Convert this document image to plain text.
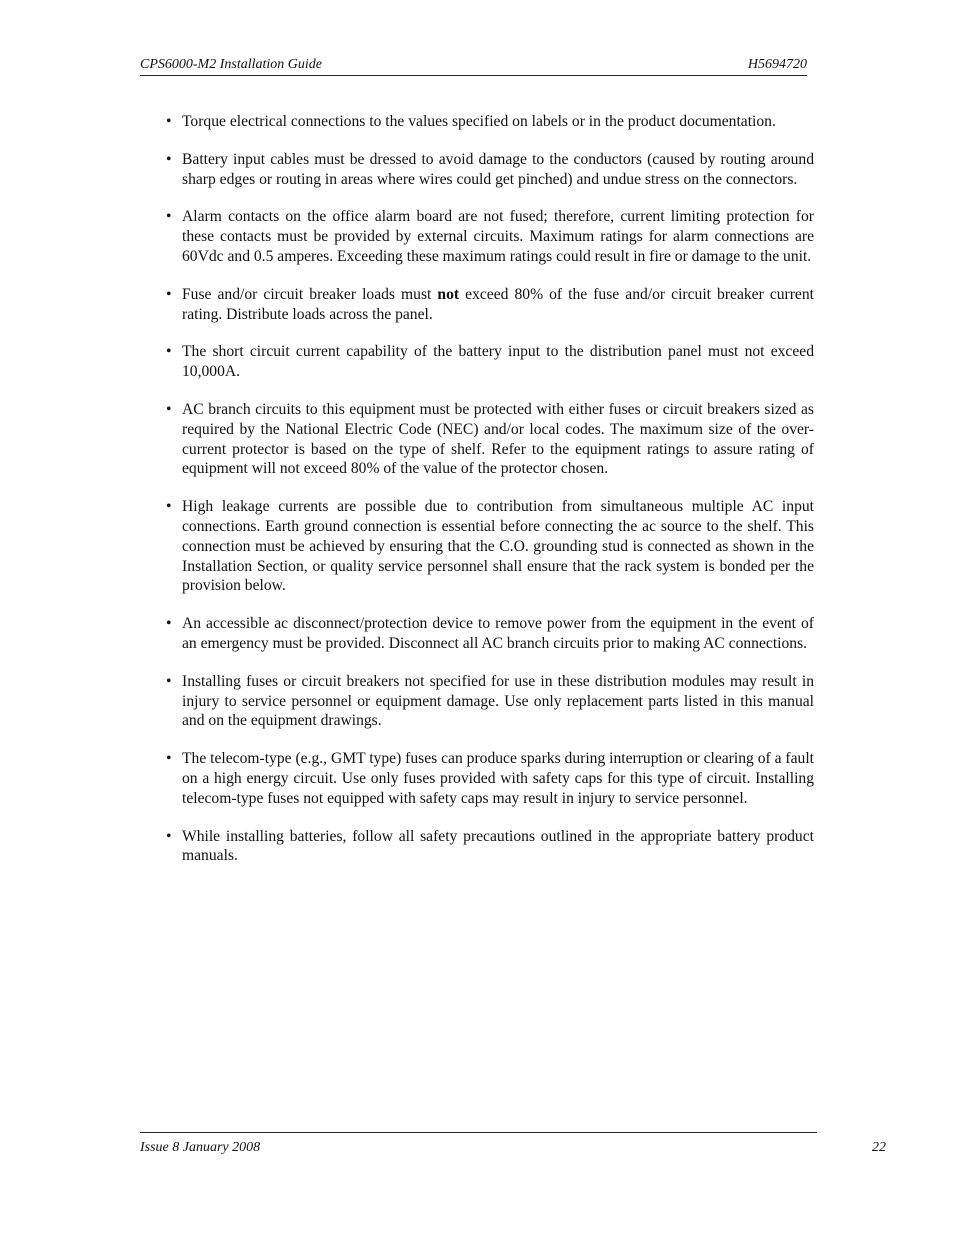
CPS6000-M2 Installation Guide	H5694720
• Torque electrical connections to the values specified on labels or in the product documentation.
• Battery input cables must be dressed to avoid damage to the conductors (caused by routing around sharp edges or routing in areas where wires could get pinched) and undue stress on the connectors.
• Alarm contacts on the office alarm board are not fused; therefore, current limiting protection for these contacts must be provided by external circuits. Maximum ratings for alarm connections are 60Vdc and 0.5 amperes. Exceeding these maximum ratings could result in fire or damage to the unit.
• Fuse and/or circuit breaker loads must not exceed 80% of the fuse and/or circuit breaker current rating. Distribute loads across the panel.
• The short circuit current capability of the battery input to the distribution panel must not exceed 10,000A.
• AC branch circuits to this equipment must be protected with either fuses or circuit breakers sized as required by the National Electric Code (NEC) and/or local codes. The maximum size of the over-current protector is based on the type of shelf. Refer to the equipment ratings to assure rating of equipment will not exceed 80% of the value of the protector chosen.
• High leakage currents are possible due to contribution from simultaneous multiple AC input connections. Earth ground connection is essential before connecting the ac source to the shelf. This connection must be achieved by ensuring that the C.O. grounding stud is connected as shown in the Installation Section, or quality service personnel shall ensure that the rack system is bonded per the provision below.
• An accessible ac disconnect/protection device to remove power from the equipment in the event of an emergency must be provided. Disconnect all AC branch circuits prior to making AC connections.
• Installing fuses or circuit breakers not specified for use in these distribution modules may result in injury to service personnel or equipment damage. Use only replacement parts listed in this manual and on the equipment drawings.
• The telecom-type (e.g., GMT type) fuses can produce sparks during interruption or clearing of a fault on a high energy circuit. Use only fuses provided with safety caps for this type of circuit. Installing telecom-type fuses not equipped with safety caps may result in injury to service personnel.
• While installing batteries, follow all safety precautions outlined in the appropriate battery product manuals.
Issue 8 January 2008	22
